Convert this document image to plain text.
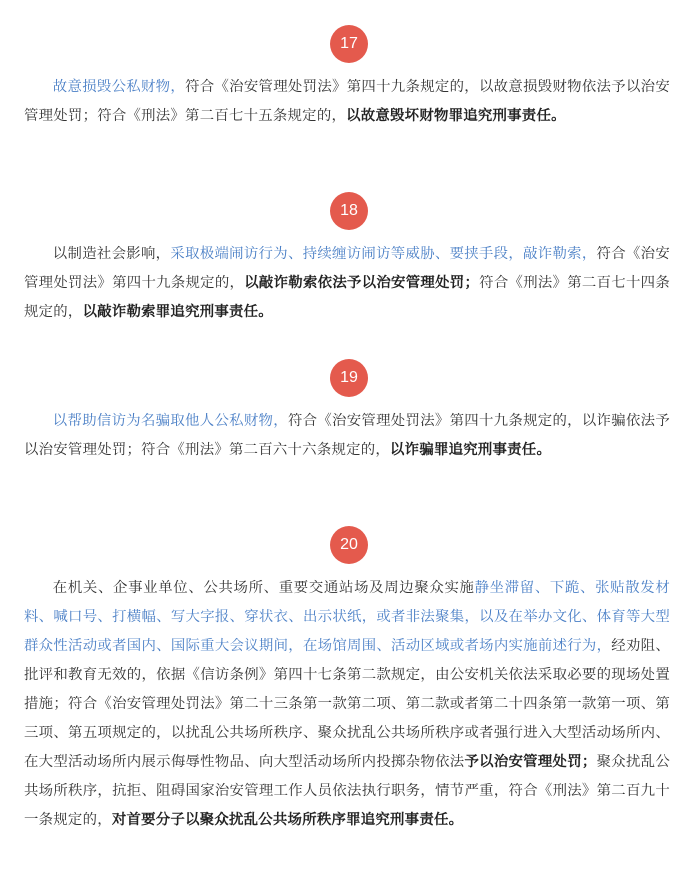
17

故意损毁公私财物，符合《治安管理处罚法》第四十九条规定的，以故意损毁财物依法予以治安管理处罚；符合《刑法》第二百七十五条规定的，以故意毁坏财物罪追究刑事责任。

18

以制造社会影响，采取极端闹访行为、持续缠访闹访等威胁、要挟手段，敲诈勒索，符合《治安管理处罚法》第四十九条规定的，以敲诈勒索依法予以治安管理处罚；符合《刑法》第二百七十四条规定的，以敲诈勒索罪追究刑事责任。

19

以帮助信访为名骗取他人公私财物，符合《治安管理处罚法》第四十九条规定的，以诈骗依法予以治安管理处罚；符合《刑法》第二百六十六条规定的，以诈骗罪追究刑事责任。

20

在机关、企事业单位、公共场所、重要交通站场及周边聚众实施静坐滞留、下跪、张贴散发材料、喊口号、打横幅、写大字报、穿状衣、出示状纸，或者非法聚集，以及在举办文化、体育等大型群众性活动或者国内、国际重大会议期间，在场馆周围、活动区域或者场内实施前述行为，经劝阻、批评和教育无效的，依据《信访条例》第四十七条第二款规定，由公安机关依法采取必要的现场处置措施；符合《治安管理处罚法》第二十三条第一款第二项、第二款或者第二十四条第一款第一项、第三项、第五项规定的，以扰乱公共场所秩序、聚众扰乱公共场所秩序或者强行进入大型活动场所内、在大型活动场所内展示侮辱性物品、向大型活动场所内投掷杂物依法予以治安管理处罚；聚众扰乱公共场所秩序，抗拒、阻碍国家治安管理工作人员依法执行职务，情节严重，符合《刑法》第二百九十一条规定的，对首要分子以聚众扰乱公共场所秩序罪追究刑事责任。
